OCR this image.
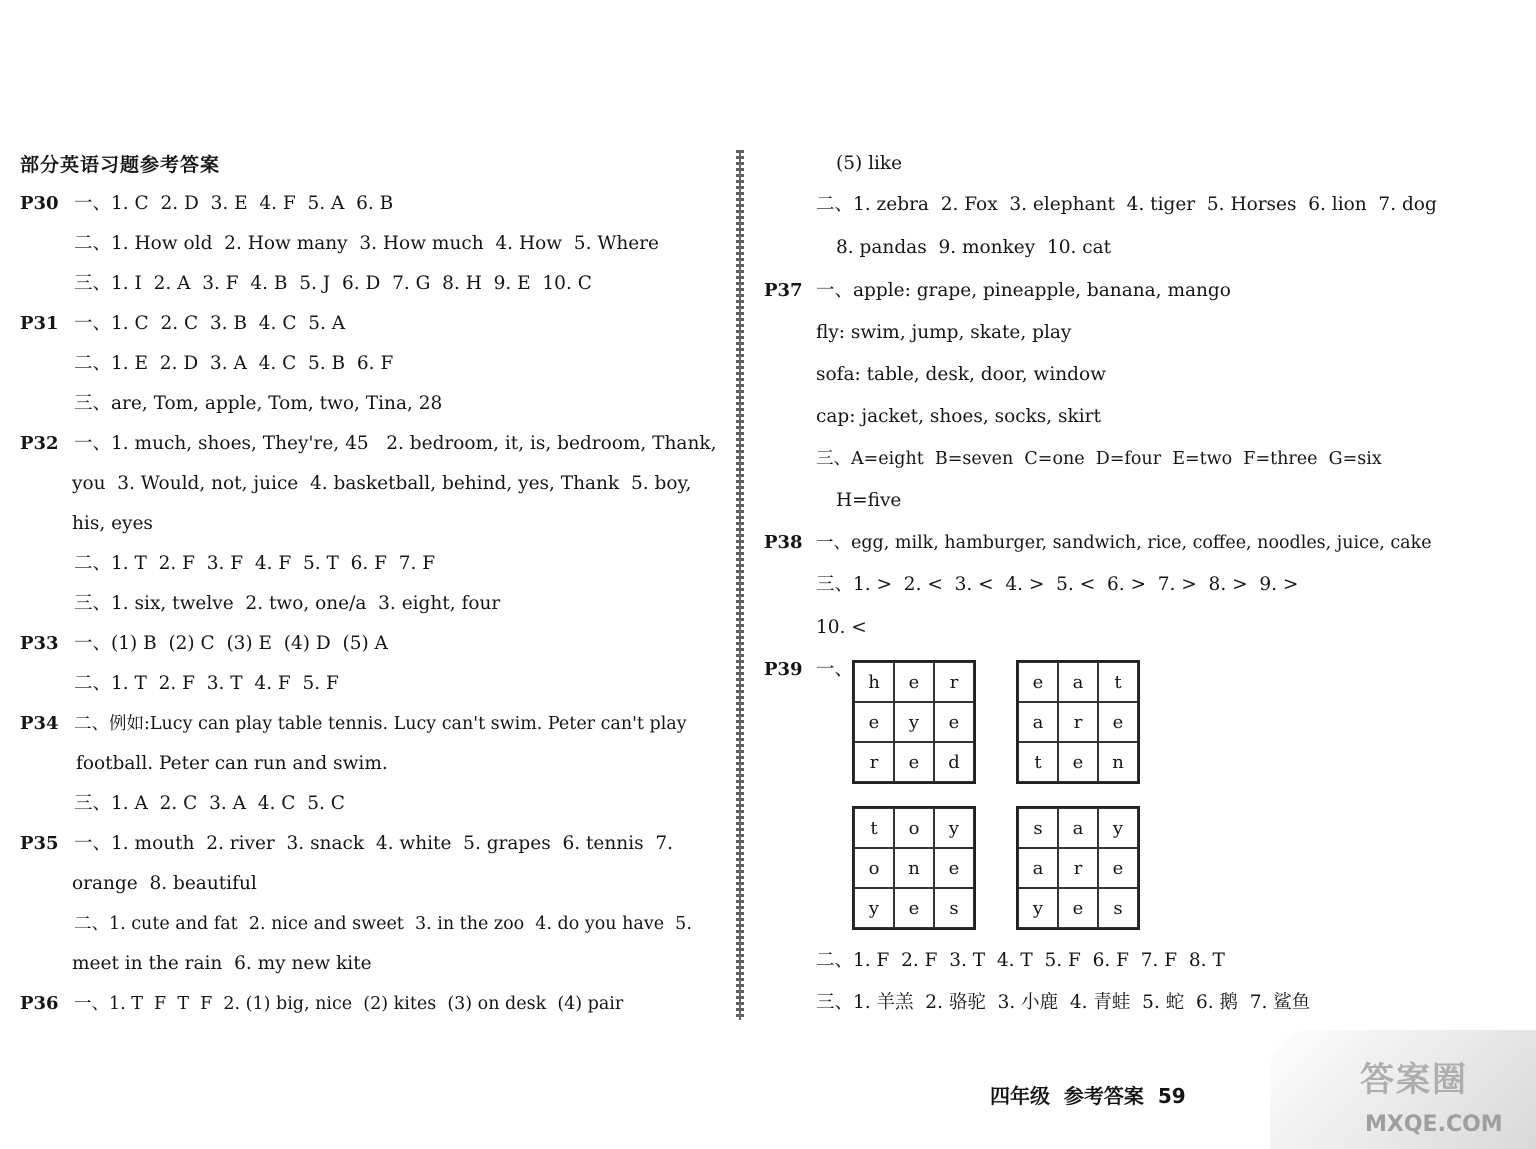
部分英语习题参考答案
P30 一、1. C  2. D  3. E  4. F  5. A  6. B
二、1. How old  2. How many  3. How much  4. How  5. Where
三、1. I  2. A  3. F  4. B  5. J  6. D  7. G  8. H  9. E  10. C
P31 一、1. C  2. C  3. B  4. C  5. A
二、1. E  2. D  3. A  4. C  5. B  6. F
三、are, Tom, apple, Tom, two, Tina, 28
P32 一、1. much, shoes, They're, 45   2. bedroom, it, is, bedroom, Thank,
you  3. Would, not, juice  4. basketball, behind, yes, Thank  5. boy,
his, eyes
二、1. T  2. F  3. F  4. F  5. T  6. F  7. F
三、1. six, twelve  2. two, one/a  3. eight, four
P33 一、(1) B  (2) C  (3) E  (4) D  (5) A
二、1. T  2. F  3. T  4. F  5. F
P34 二、例如:Lucy can play table tennis. Lucy can't swim. Peter can't play
football. Peter can run and swim.
三、1. A  2. C  3. A  4. C  5. C
P35 一、1. mouth  2. river  3. snack  4. white  5. grapes  6. tennis  7.
orange  8. beautiful
二、1. cute and fat  2. nice and sweet  3. in the zoo  4. do you have  5.
meet in the rain  6. my new kite
P36 一、1. T  F  T  F  2. (1) big, nice  (2) kites  (3) on desk  (4) pair
(5) like
二、1. zebra  2. Fox  3. elephant  4. tiger  5. Horses  6. lion  7. dog
8. pandas  9. monkey  10. cat
P37 一、apple: grape, pineapple, banana, mango
fly: swim, jump, skate, play
sofa: table, desk, door, window
cap: jacket, shoes, socks, skirt
三、A=eight  B=seven  C=one  D=four  E=two  F=three  G=six
H=five
P38 一、egg, milk, hamburger, sandwich, rice, coffee, noodles, juice, cake
三、1. >  2. <  3. <  4. >  5. <  6. >  7. >  8. >  9. >
10. <
P39 一、
h	e	r
e	y	e
r	e	d
e	a	t
a	r	e
t	e	n
t	o	y
o	n	e
y	e	s
s	a	y
a	r	e
y	e	s
二、1. F  2. F  3. T  4. T  5. F  6. F  7. F  8. T
三、1. 羊羔  2. 骆驼  3. 小鹿  4. 青蛙  5. 蛇  6. 鹅  7. 鲨鱼
四年级  参考答案  59	答案圈
MXQE.COM
